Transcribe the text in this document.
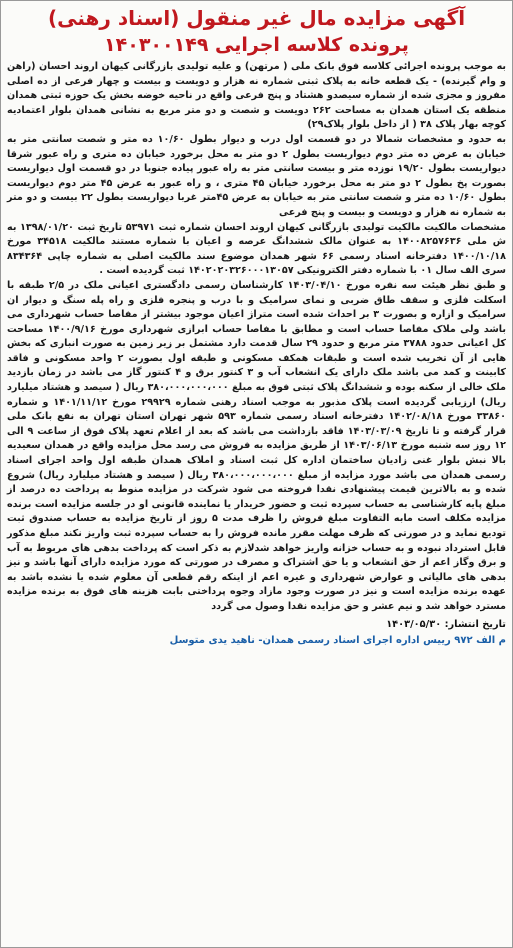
آگهی مزایده مال غیر منقول (اسناد رهنی)
پرونده کلاسه اجرایی ۱۴۰۳۰۰۱۴۹

به موجب پرونده اجرائی کلاسه فوق بانک ملی ( مرتهن) و علیه تولیدی بازرگانی کیهان اروند احسان (راهن و وام گیرنده) - یک قطعه خانه به پلاک ثبتی شماره نه هزار و دویست و بیست و چهار فرعی از ده اصلی مفروز و مجزی شده از شماره سیصدو هشتاد و پنج فرعی واقع در ناحیه خوضه بخش یک حوزه ثبتی همدان منطقه یک استان همدان به مساحت ۲۶۲ دویست و شصت و دو متر مربع به نشانی همدان بلوار اعتمادیه کوچه بهار پلاک ۳۸ ( از داخل بلوار پلاک۲۹)

به حدود و مشخصات شمالا در دو قسمت اول درب و دیوار بطول ۱۰/۶۰ ده متر و شصت سانتی متر به خیابان به عرض ده متر دوم دیواریست بطول ۲ دو متر به محل برخورد خیابان ده متری و راه عبور شرقا دیواریست بطول ۱۹/۲۰ نوزده متر و بیست سانتی متر به راه عبور پیاده جنوبا در دو قسمت اول دیواریست بصورت پخ بطول ۲ دو متر به محل برخورد خیابان ۴۵ متری ، و راه عبور به عرض ۴۵ متر دوم دیواریست بطول ۱۰/۶۰ ده متر و شصت سانتی متر به خیابان به عرض ۴۵متر غربا دیواریست بطول ۲۲ بیست و دو متر به شماره نه هزار و دویست و بیست و پنج فرعی

مشخصات مالکیت مالکیت تولیدی بازرگانی کیهان اروند احسان شماره ثبت ۵۳۹۷۱ تاریخ ثبت ۱۳۹۸/۰۱/۲۰ به ش ملی ۱۴۰۰۸۲۵۷۶۳۶ به عنوان مالک ششدانگ عرصه و اعیان با شماره مستند مالکیت ۳۴۵۱۸ مورخ ۱۴۰۰/۱۰/۱۸ دفترخانه اسناد رسمی ۶۶ شهر همدان موضوع سند مالکیت اصلی به شماره چاپی ۸۳۴۳۶۴ سری الف سال ۰۱ با شماره دفتر الکترونیکی ۱۴۰۲۰۲۰۳۲۶۰۰۰۱۳۰۵۷ ثبت گردیده است .

و طبق نظر هیئت سه نفره مورخ ۱۴۰۳/۰۴/۱۰ کارشناسان رسمی دادگستری اعیانی ملک در ۲/۵ طبقه با اسکلت فلزی و سقف طاق ضربی و نمای سرامیک و با درب و پنجره فلزی و راه پله سنگ و دیوار ان سرامیک و ازاره و بصورت ۳ بر احداث شده است متراژ اعیان موجود بیشتر از مفاصا حساب شهرداری می باشد ولی ملاک مفاصا حساب است و مطابق با مفاصا حساب ابرازی شهرداری مورخ ۱۴۰۰/۹/۱۶ مساحت کل اعیانی حدود ۳۷۸۸ متر مربع و حدود ۲۹ سال قدمت دارد مشتمل بر زیر زمین به صورت انباری که بخش هایی از آن تخریب شده است و طبقات همکف مسکونی و طبقه اول بصورت ۲ واحد مسکونی و فاقد کابینت و کمد می باشد ملک دارای یک انشعاب آب و ۳ کنتور برق و ۴ کنتور گاز می باشد در زمان بازدید ملک خالی از سکنه بوده و ششدانگ پلاک ثبتی فوق به مبلغ ۳۸۰،۰۰۰،۰۰۰،۰۰۰ ریال ( سیصد و هشتاد میلیارد ریال) ارزیابی گردیده است پلاک مذبور به موجب اسناد رهنی شماره ۲۹۹۲۹ مورخ ۱۴۰۱/۱۱/۱۲ و شماره ۳۳۸۶۰ مورخ ۱۴۰۲/۰۸/۱۸ دفترخانه اسناد رسمی شماره ۵۹۳ شهر تهران استان تهران به نفع بانک ملی قرار گرفته و تا تاریخ ۱۴۰۳/۰۳/۰۹ فاقد بازداشت می باشد که بعد از اعلام تعهد پلاک فوق از ساعت ۹ الی ۱۲ روز سه شنبه مورخ ۱۴۰۳/۰۶/۱۳ از طریق مزایده به فروش می رسد محل مزایده واقع در همدان سعیدیه بالا نبش بلوار غنی زادیان ساختمان اداره کل ثبت اسناد و املاک همدان طبقه اول واحد اجرای اسناد رسمی همدان می باشد مورد مزایده از مبلغ ۳۸۰،۰۰۰،۰۰۰،۰۰۰ ریال ( سیصد و هشتاد میلیارد ریال) شروع شده و به بالاترین قیمت پیشنهادی نقدا فروخته می شود شرکت در مزایده منوط به پرداخت ده درصد از مبلغ پایه کارشناسی به حساب سپرده ثبت و حضور خریدار یا نماینده قانونی او در جلسه مزایده است برنده مزایده مکلف است مابه التفاوت مبلغ فروش را ظرف مدت ۵ روز از تاریخ مزایده به حساب صندوق ثبت تودیع نماید و در صورتی که ظرف مهلت مقرر مانده فروش را به حساب سپرده ثبت واریز نکند مبلغ مذکور قابل استرداد نبوده و به حساب خزانه واریز خواهد شدلازم به ذکر است که پرداخت بدهی های مربوط به آب و برق وگاز اعم از حق انشعاب و یا حق اشتراک و مصرف در صورتی که مورد مزایده دارای آنها باشد و نیز بدهی های مالیاتی و عوارض شهرداری و غیره اعم از اینکه رقم قطعی آن معلوم شده یا نشده باشد به عهده برنده مزایده است و نیز در صورت وجود مازاد وجوه پرداختی بابت هزینه های فوق به برنده مزایده مسترد خواهد شد و نیم عشر و حق مزایده نقدا وصول می گردد

تاریخ انتشار: ۱۴۰۳/۰۵/۳۰
م الف ۹۷۲ رییس اداره اجرای اسناد رسمی همدان- ناهید یدی متوسل
